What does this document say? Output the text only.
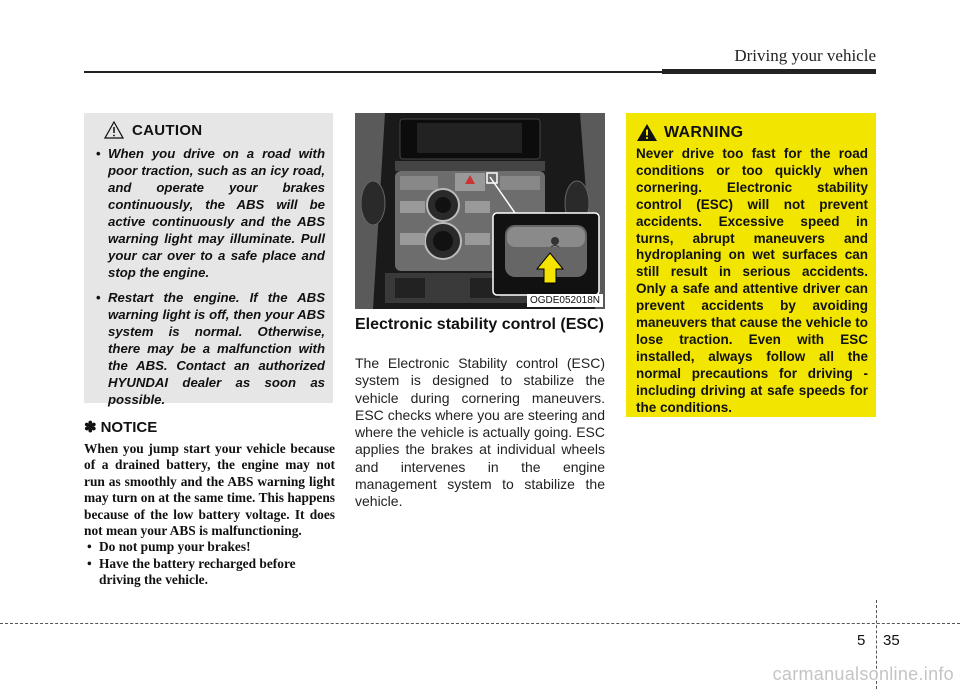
Driving your vehicle
CAUTION
• When you drive on a road with poor traction, such as an icy road, and operate your brakes continuously, the ABS will be active continuously and the ABS warning light may illuminate. Pull your car over to a safe place and stop the engine.
• Restart the engine. If the ABS warning light is off, then your ABS system is normal. Otherwise, there may be a malfunction with the ABS. Contact an authorized HYUNDAI dealer as soon as possible.
✽ NOTICE

When you jump start your vehicle because of a drained battery, the engine may not run as smoothly and the ABS warning light may turn on at the same time. This happens because of the low battery voltage. It does not mean your ABS is malfunctioning.

• Do not pump your brakes!
• Have the battery recharged before driving the vehicle.
OGDE052018N
Electronic stability control (ESC)
The Electronic Stability control (ESC) system is designed to stabilize the vehicle during cornering maneuvers. ESC checks where you are steering and where the vehicle is actually going. ESC applies the brakes at individual wheels and intervenes in the engine management system to stabilize the vehicle.
WARNING
Never drive too fast for the road conditions or too quickly when cornering. Electronic stability control (ESC) will not prevent accidents. Excessive speed in turns, abrupt maneuvers and hydroplaning on wet surfaces can still result in serious accidents. Only a safe and attentive driver can prevent accidents by avoiding maneuvers that cause the vehicle to lose traction. Even with ESC installed, always follow all the normal precautions for driving - including driving at safe speeds for the conditions.
5 35
carmanualsonline.info
